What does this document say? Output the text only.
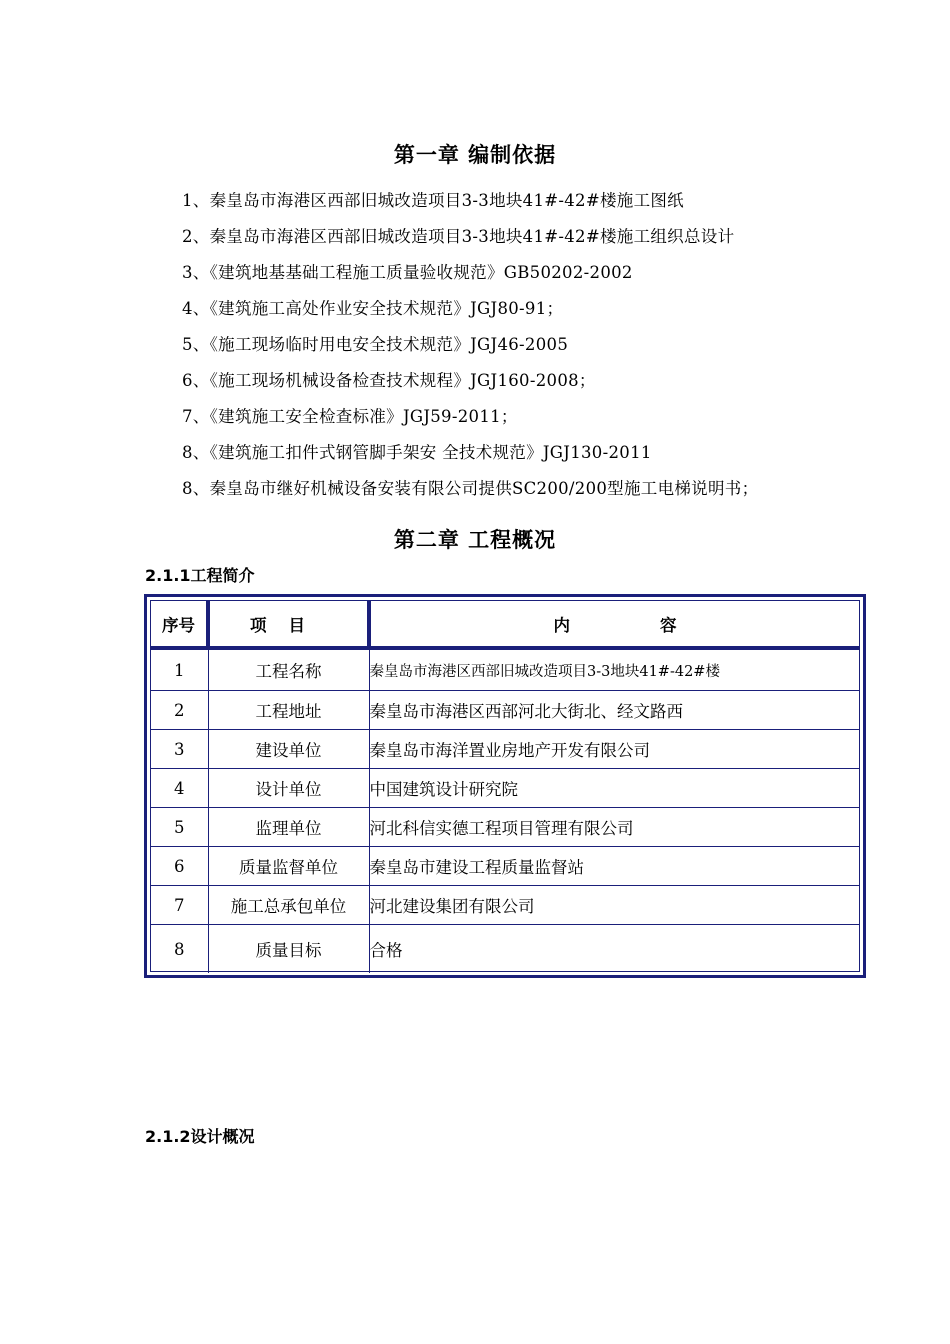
第一章 编制依据
1、秦皇岛市海港区西部旧城改造项目3-3地块41#-42#楼施工图纸
2、秦皇岛市海港区西部旧城改造项目3-3地块41#-42#楼施工组织总设计
3、《建筑地基基础工程施工质量验收规范》GB50202-2002
4、《建筑施工高处作业安全技术规范》JGJ80-91；
5、《施工现场临时用电安全技术规范》JGJ46-2005
6、《施工现场机械设备检查技术规程》JGJ160-2008；
7、《建筑施工安全检查标准》JGJ59-2011；
8、《建筑施工扣件式钢管脚手架安 全技术规范》JGJ130-2011
8、秦皇岛市继好机械设备安装有限公司提供SC200/200型施工电梯说明书；
第二章 工程概况
2.1.1工程简介
序号	项目	内容
1	工程名称	秦皇岛市海港区西部旧城改造项目3-3地块41#-42#楼
2	工程地址	秦皇岛市海港区西部河北大街北、经文路西
3	建设单位	秦皇岛市海洋置业房地产开发有限公司
4	设计单位	中国建筑设计研究院
5	监理单位	河北科信实德工程项目管理有限公司
6	质量监督单位	秦皇岛市建设工程质量监督站
7	施工总承包单位	河北建设集团有限公司
8	质量目标	合格
2.1.2设计概况
